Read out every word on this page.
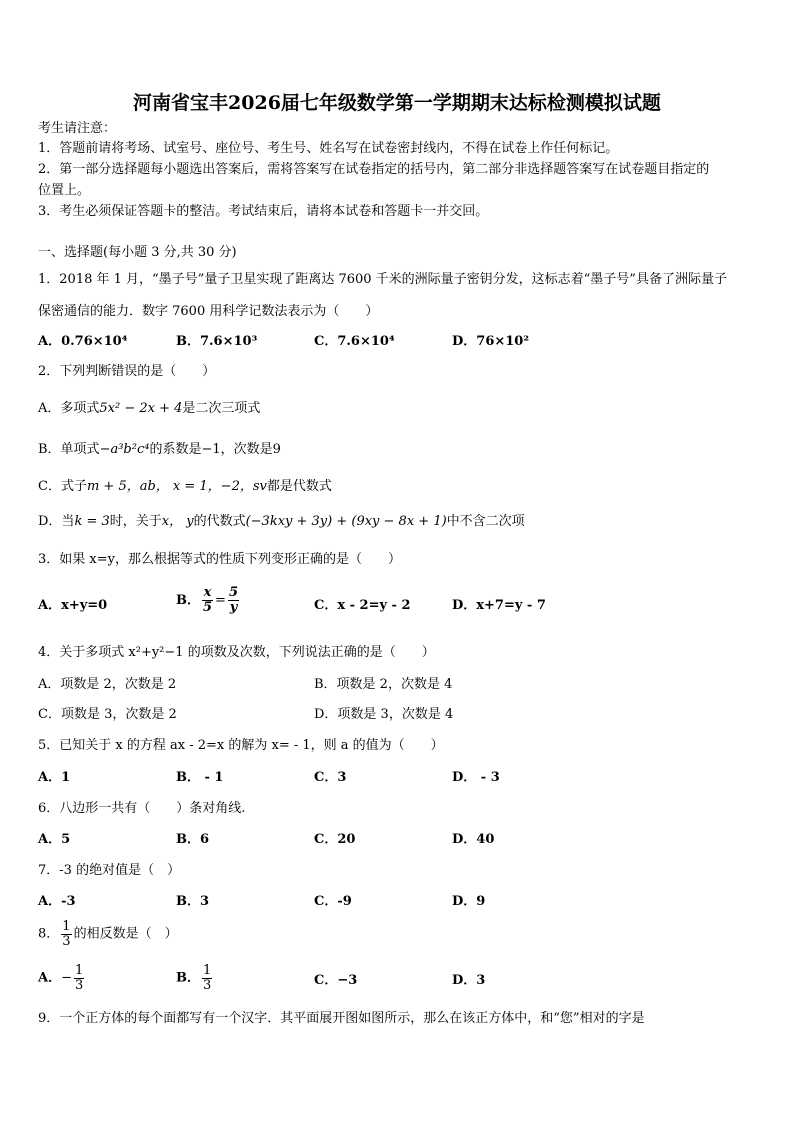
河南省宝丰2026届七年级数学第一学期期末达标检测模拟试题
考生请注意：
1．答题前请将考场、试室号、座位号、考生号、姓名写在试卷密封线内，不得在试卷上作任何标记。
2．第一部分选择题每小题选出答案后，需将答案写在试卷指定的括号内，第二部分非选择题答案写在试卷题目指定的
位置上。
3．考生必须保证答题卡的整洁。考试结束后，请将本试卷和答题卡一并交回。
一、选择题(每小题 3 分,共 30 分)
1．2018 年 1 月，“墨子号”量子卫星实现了距离达 7600 千米的洲际量子密钥分发，这标志着“墨子号”具备了洲际量子
保密通信的能力．数字 7600 用科学记数法表示为（　　）
A．0.76×10⁴	B．7.6×10³	C．7.6×10⁴	D．76×10²
2．下列判断错误的是（　　）
A．多项式5x² − 2x + 4是二次三项式
B．单项式−a³b²c⁴的系数是−1，次数是9
C．式子m + 5，ab， x = 1，−2，sv都是代数式
D．当k = 3时，关于x， y的代数式(−3kxy + 3y) + (9xy − 8x + 1)中不含二次项
3．如果 x=y，那么根据等式的性质下列变形正确的是（　　）
A．x+y=0	B． $\frac{x}{5} = \frac{5}{y}$	C．x - 2=y - 2	D．x+7=y - 7
4．关于多项式 x²+y²−1 的项数及次数，下列说法正确的是（　　）
A．项数是 2，次数是 2	B．项数是 2，次数是 4
C．项数是 3，次数是 2	D．项数是 3，次数是 4
5．已知关于 x 的方程 ax - 2=x 的解为 x= - 1，则 a 的值为（　　）
A．1	B． - 1	C．3	D． - 3
6．八边形一共有（　　）条对角线.
A．5	B．6	C．20	D．40
7．-3 的绝对值是（　）
A．-3	B．3	C．-9	D．9
8． $\frac{1}{3}$ 的相反数是（　）
A．− $\frac{1}{3}$	B． $\frac{1}{3}$	C．−3	D．3
9．一个正方体的每个面都写有一个汉字．其平面展开图如图所示，那么在该正方体中，和“您”相对的字是
